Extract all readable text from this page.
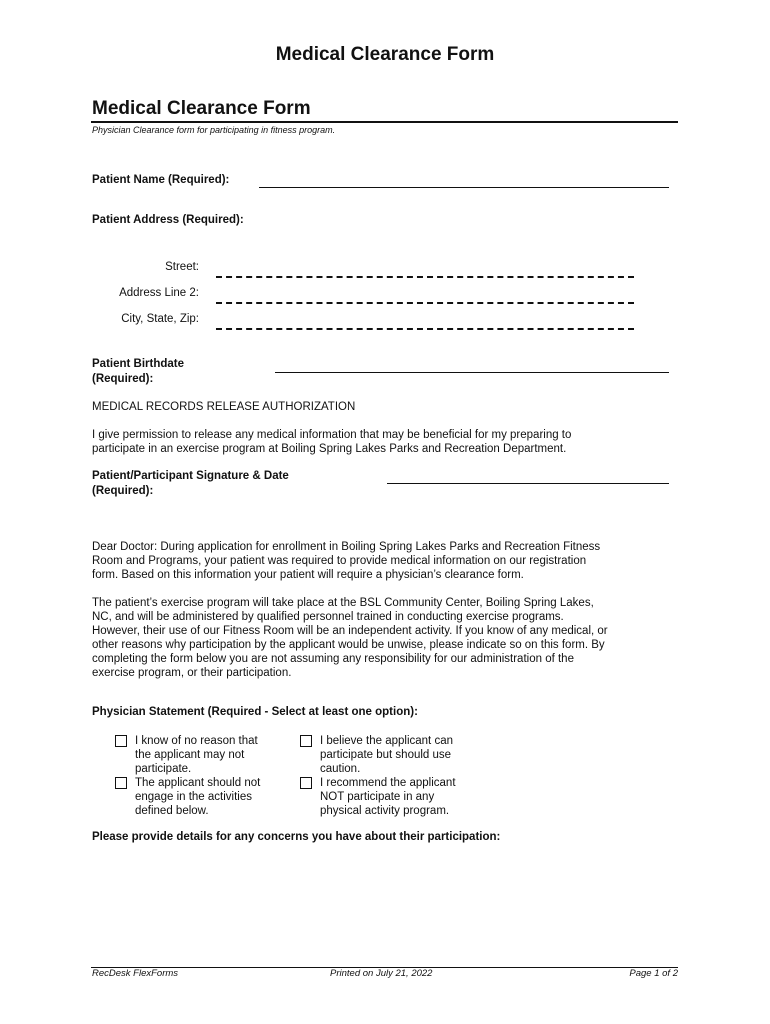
Medical Clearance Form
Medical Clearance Form
Physician Clearance form for participating in fitness program.
Patient Name (Required):
Patient Address (Required):
Street:
Address Line 2:
City, State, Zip:
Patient Birthdate
(Required):
MEDICAL RECORDS RELEASE AUTHORIZATION
I give permission to release any medical information that may be beneficial for my preparing to
participate in an exercise program at Boiling Spring Lakes Parks and Recreation Department.
Patient/Participant Signature & Date
(Required):
Dear Doctor: During application for enrollment in Boiling Spring Lakes Parks and Recreation Fitness
Room and Programs, your patient was required to provide medical information on our registration
form. Based on this information your patient will require a physician’s clearance form.
The patient’s exercise program will take place at the BSL Community Center, Boiling Spring Lakes,
NC, and will be administered by qualified personnel trained in conducting exercise programs.
However, their use of our Fitness Room will be an independent activity. If you know of any medical, or
other reasons why participation by the applicant would be unwise, please indicate so on this form. By
completing the form below you are not assuming any responsibility for our administration of the
exercise program, or their participation.
Physician Statement (Required - Select at least one option):
I know of no reason that
the applicant may not
participate.
I believe the applicant can
participate but should use
caution.
The applicant should not
engage in the activities
defined below.
I recommend the applicant
NOT participate in any
physical activity program.
Please provide details for any concerns you have about their participation:
RecDesk FlexForms	Printed on July 21, 2022	Page 1 of 2
